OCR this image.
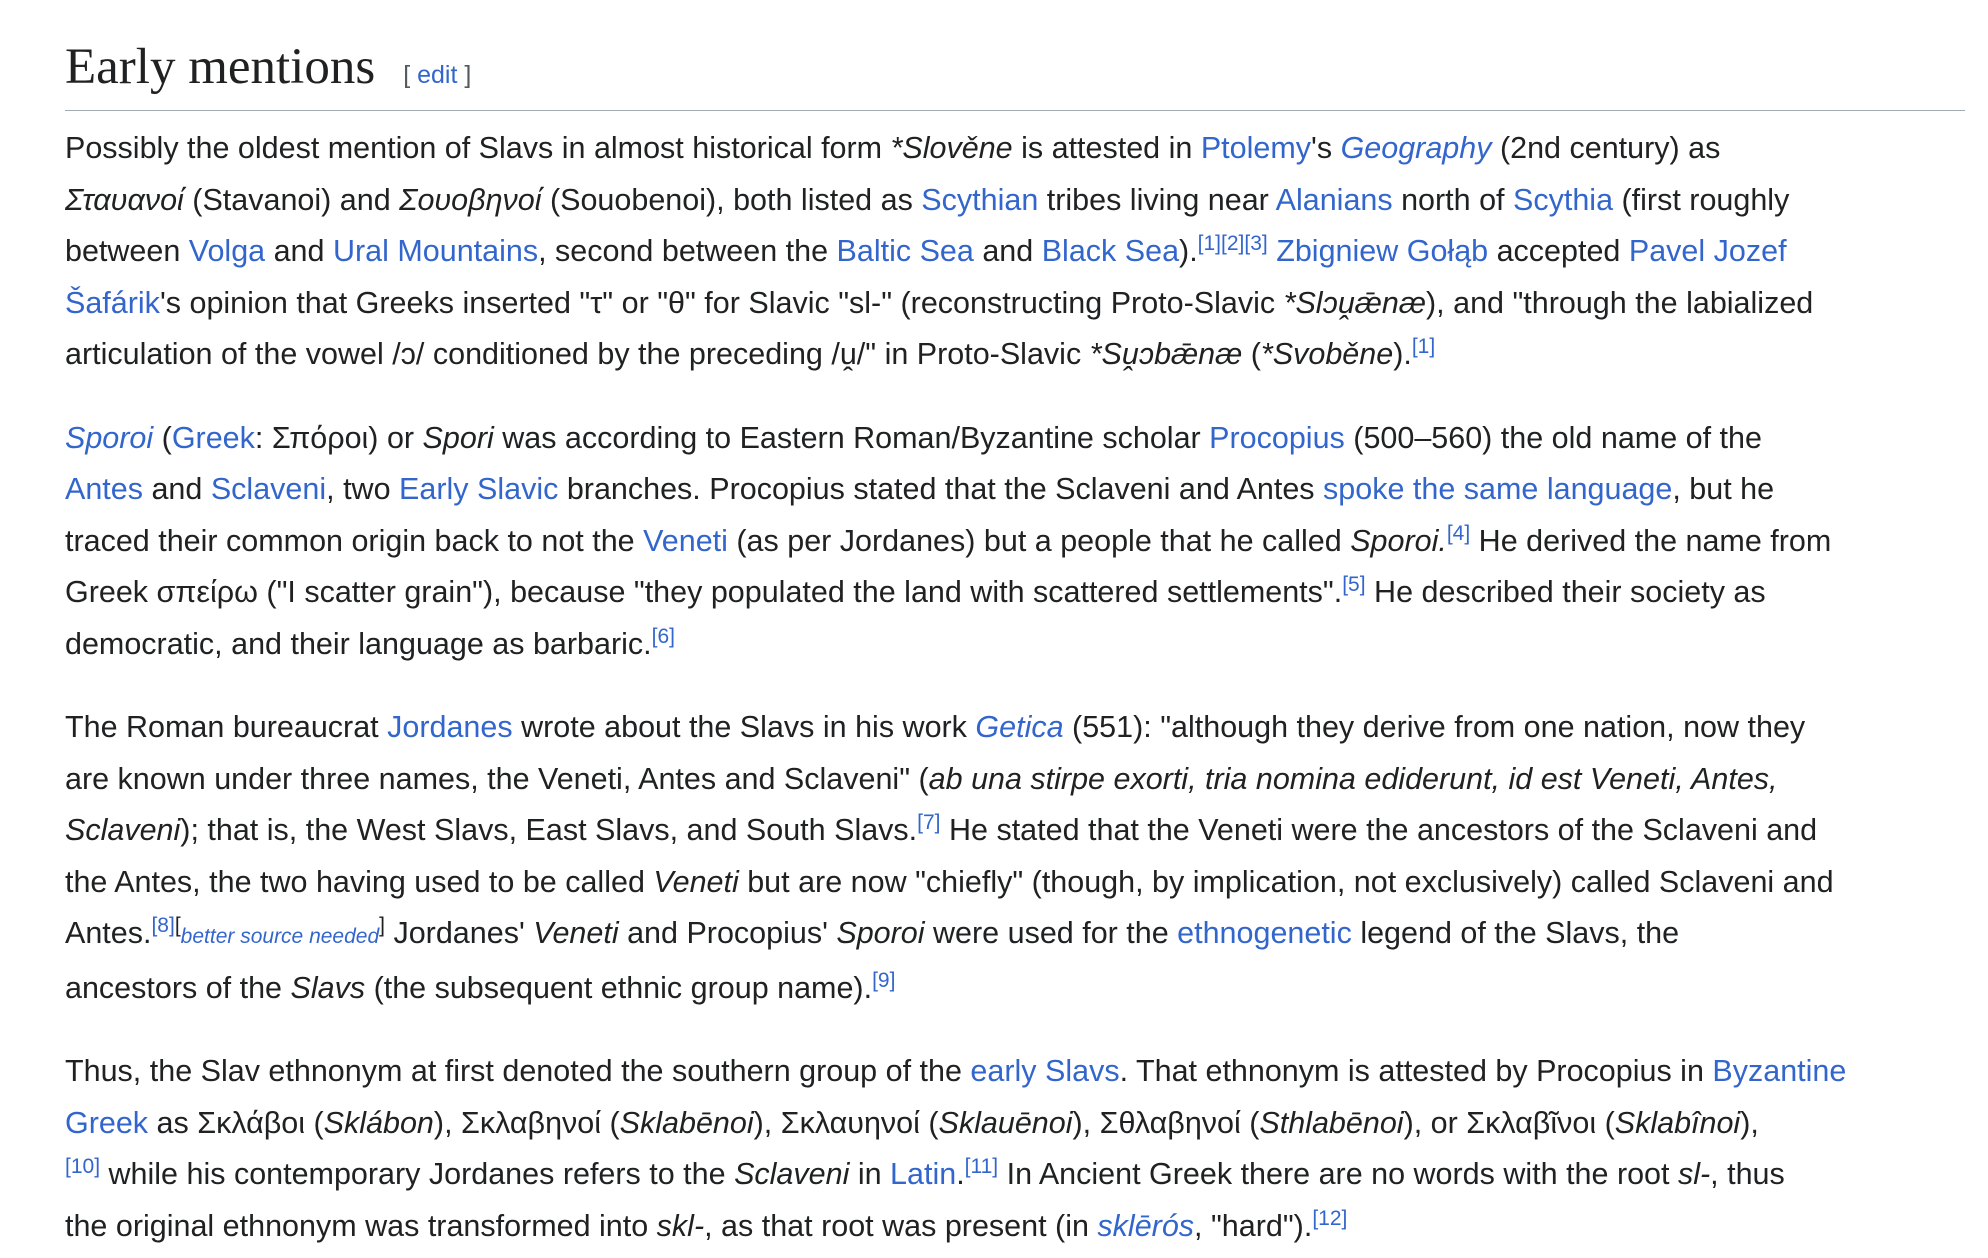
Early mentions [ edit ]

Possibly the oldest mention of Slavs in almost historical form *Slověne is attested in Ptolemy's Geography (2nd century) as
Σταυανοί (Stavanoi) and Σουοβηνοί (Souobenoi), both listed as Scythian tribes living near Alanians north of Scythia (first roughly
between Volga and Ural Mountains, second between the Baltic Sea and Black Sea).[1][2][3] Zbigniew Gołąb accepted Pavel Jozef
Šafárik's opinion that Greeks inserted "τ" or "θ" for Slavic "sl-" (reconstructing Proto-Slavic *Slɔṷǣnæ), and "through the labialized
articulation of the vowel /ɔ/ conditioned by the preceding /ṷ/" in Proto-Slavic *Sṷɔbǣnæ (*Svoběne).[1]

Sporoi (Greek: Σπόροι) or Spori was according to Eastern Roman/Byzantine scholar Procopius (500–560) the old name of the
Antes and Sclaveni, two Early Slavic branches. Procopius stated that the Sclaveni and Antes spoke the same language, but he
traced their common origin back to not the Veneti (as per Jordanes) but a people that he called Sporoi.[4] He derived the name from
Greek σπείρω ("I scatter grain"), because "they populated the land with scattered settlements".[5] He described their society as
democratic, and their language as barbaric.[6]

The Roman bureaucrat Jordanes wrote about the Slavs in his work Getica (551): "although they derive from one nation, now they
are known under three names, the Veneti, Antes and Sclaveni" (ab una stirpe exorti, tria nomina ediderunt, id est Veneti, Antes,
Sclaveni); that is, the West Slavs, East Slavs, and South Slavs.[7] He stated that the Veneti were the ancestors of the Sclaveni and
the Antes, the two having used to be called Veneti but are now "chiefly" (though, by implication, not exclusively) called Sclaveni and
Antes.$^{[8][}$better source needed] Jordanes' Veneti and Procopius' Sporoi were used for the ethnogenetic legend of the Slavs, the
ancestors of the Slavs (the subsequent ethnic group name).[9]

Thus, the Slav ethnonym at first denoted the southern group of the early Slavs. That ethnonym is attested by Procopius in Byzantine
Greek as Σκλάβοι (Sklábon), Σκλαβηνοί (Sklabēnoi), Σκλαυηνοί (Sklauēnoi), Σθλαβηνοί (Sthlabēnoi), or Σκλαβῖνοι (Sklabînoi),
[10] while his contemporary Jordanes refers to the Sclaveni in Latin.[11] In Ancient Greek there are no words with the root sl-, thus
the original ethnonym was transformed into skl-, as that root was present (in sklērós, "hard").[12]
